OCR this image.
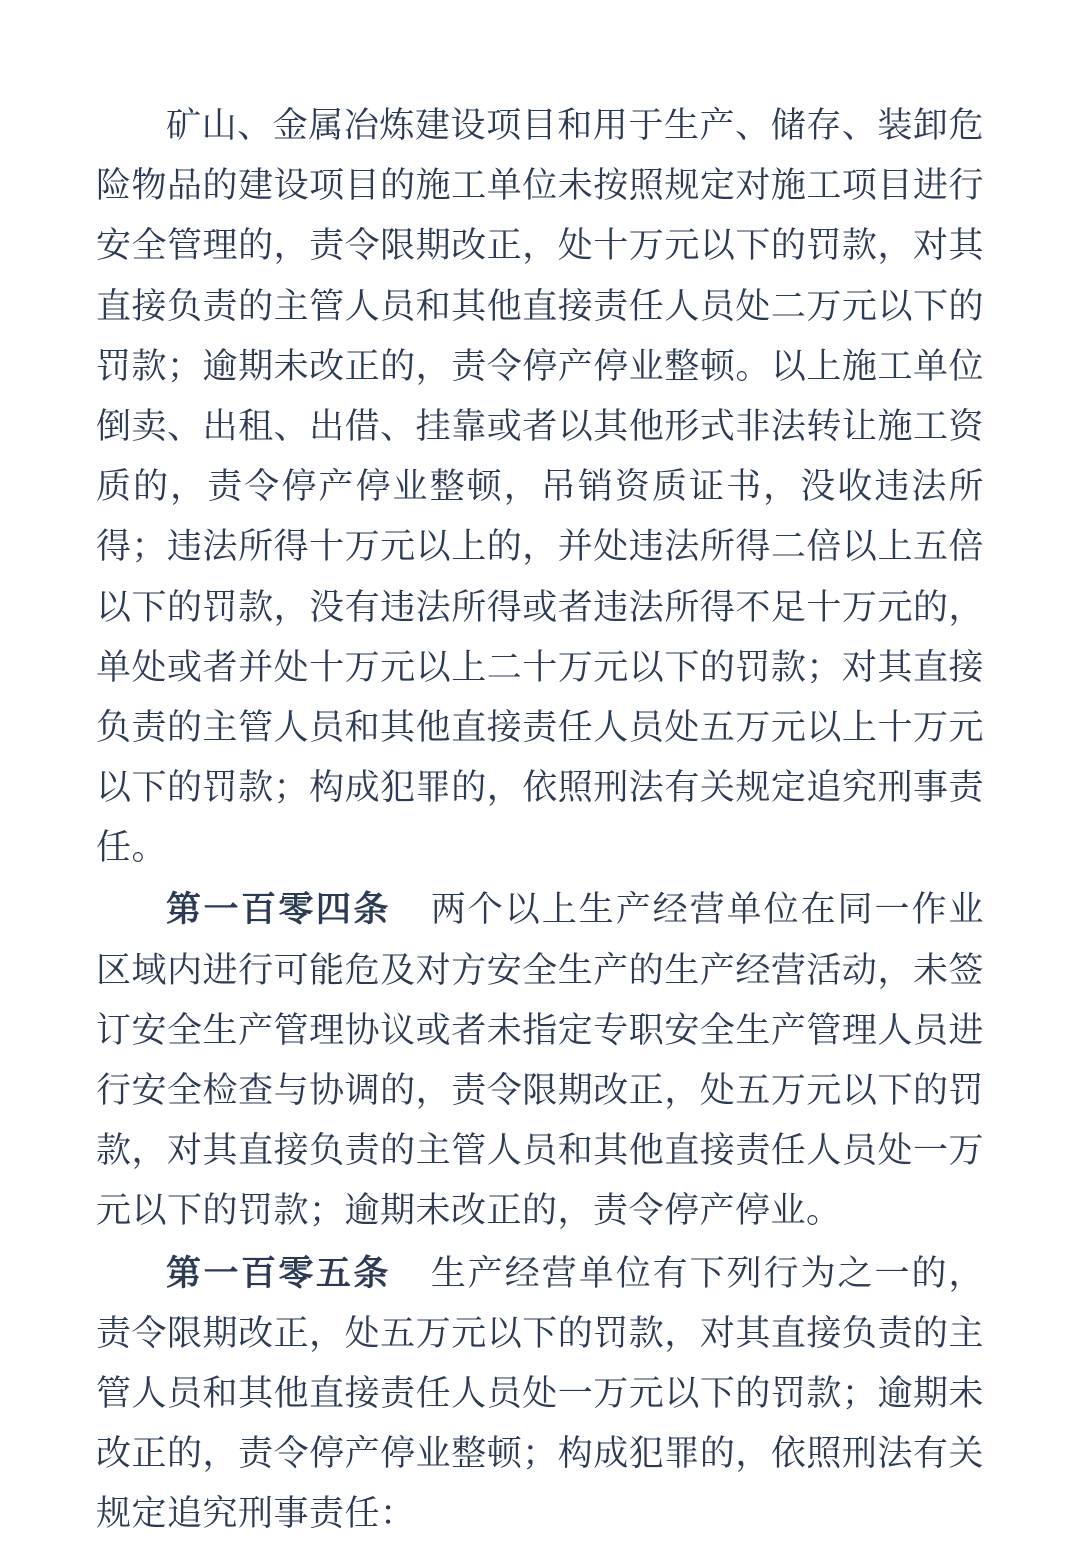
矿山、金属冶炼建设项目和用于生产、储存、装卸危险物品的建设项目的施工单位未按照规定对施工项目进行安全管理的，责令限期改正，处十万元以下的罚款，对其直接负责的主管人员和其他直接责任人员处二万元以下的罚款；逾期未改正的，责令停产停业整顿。以上施工单位倒卖、出租、出借、挂靠或者以其他形式非法转让施工资质的，责令停产停业整顿，吊销资质证书，没收违法所得；违法所得十万元以上的，并处违法所得二倍以上五倍以下的罚款，没有违法所得或者违法所得不足十万元的，单处或者并处十万元以上二十万元以下的罚款；对其直接负责的主管人员和其他直接责任人员处五万元以上十万元以下的罚款；构成犯罪的，依照刑法有关规定追究刑事责任。

第一百零四条 两个以上生产经营单位在同一作业区域内进行可能危及对方安全生产的生产经营活动，未签订安全生产管理协议或者未指定专职安全生产管理人员进行安全检查与协调的，责令限期改正，处五万元以下的罚款，对其直接负责的主管人员和其他直接责任人员处一万元以下的罚款；逾期未改正的，责令停产停业。

第一百零五条 生产经营单位有下列行为之一的，责令限期改正，处五万元以下的罚款，对其直接负责的主管人员和其他直接责任人员处一万元以下的罚款；逾期未改正的，责令停产停业整顿；构成犯罪的，依照刑法有关规定追究刑事责任：
